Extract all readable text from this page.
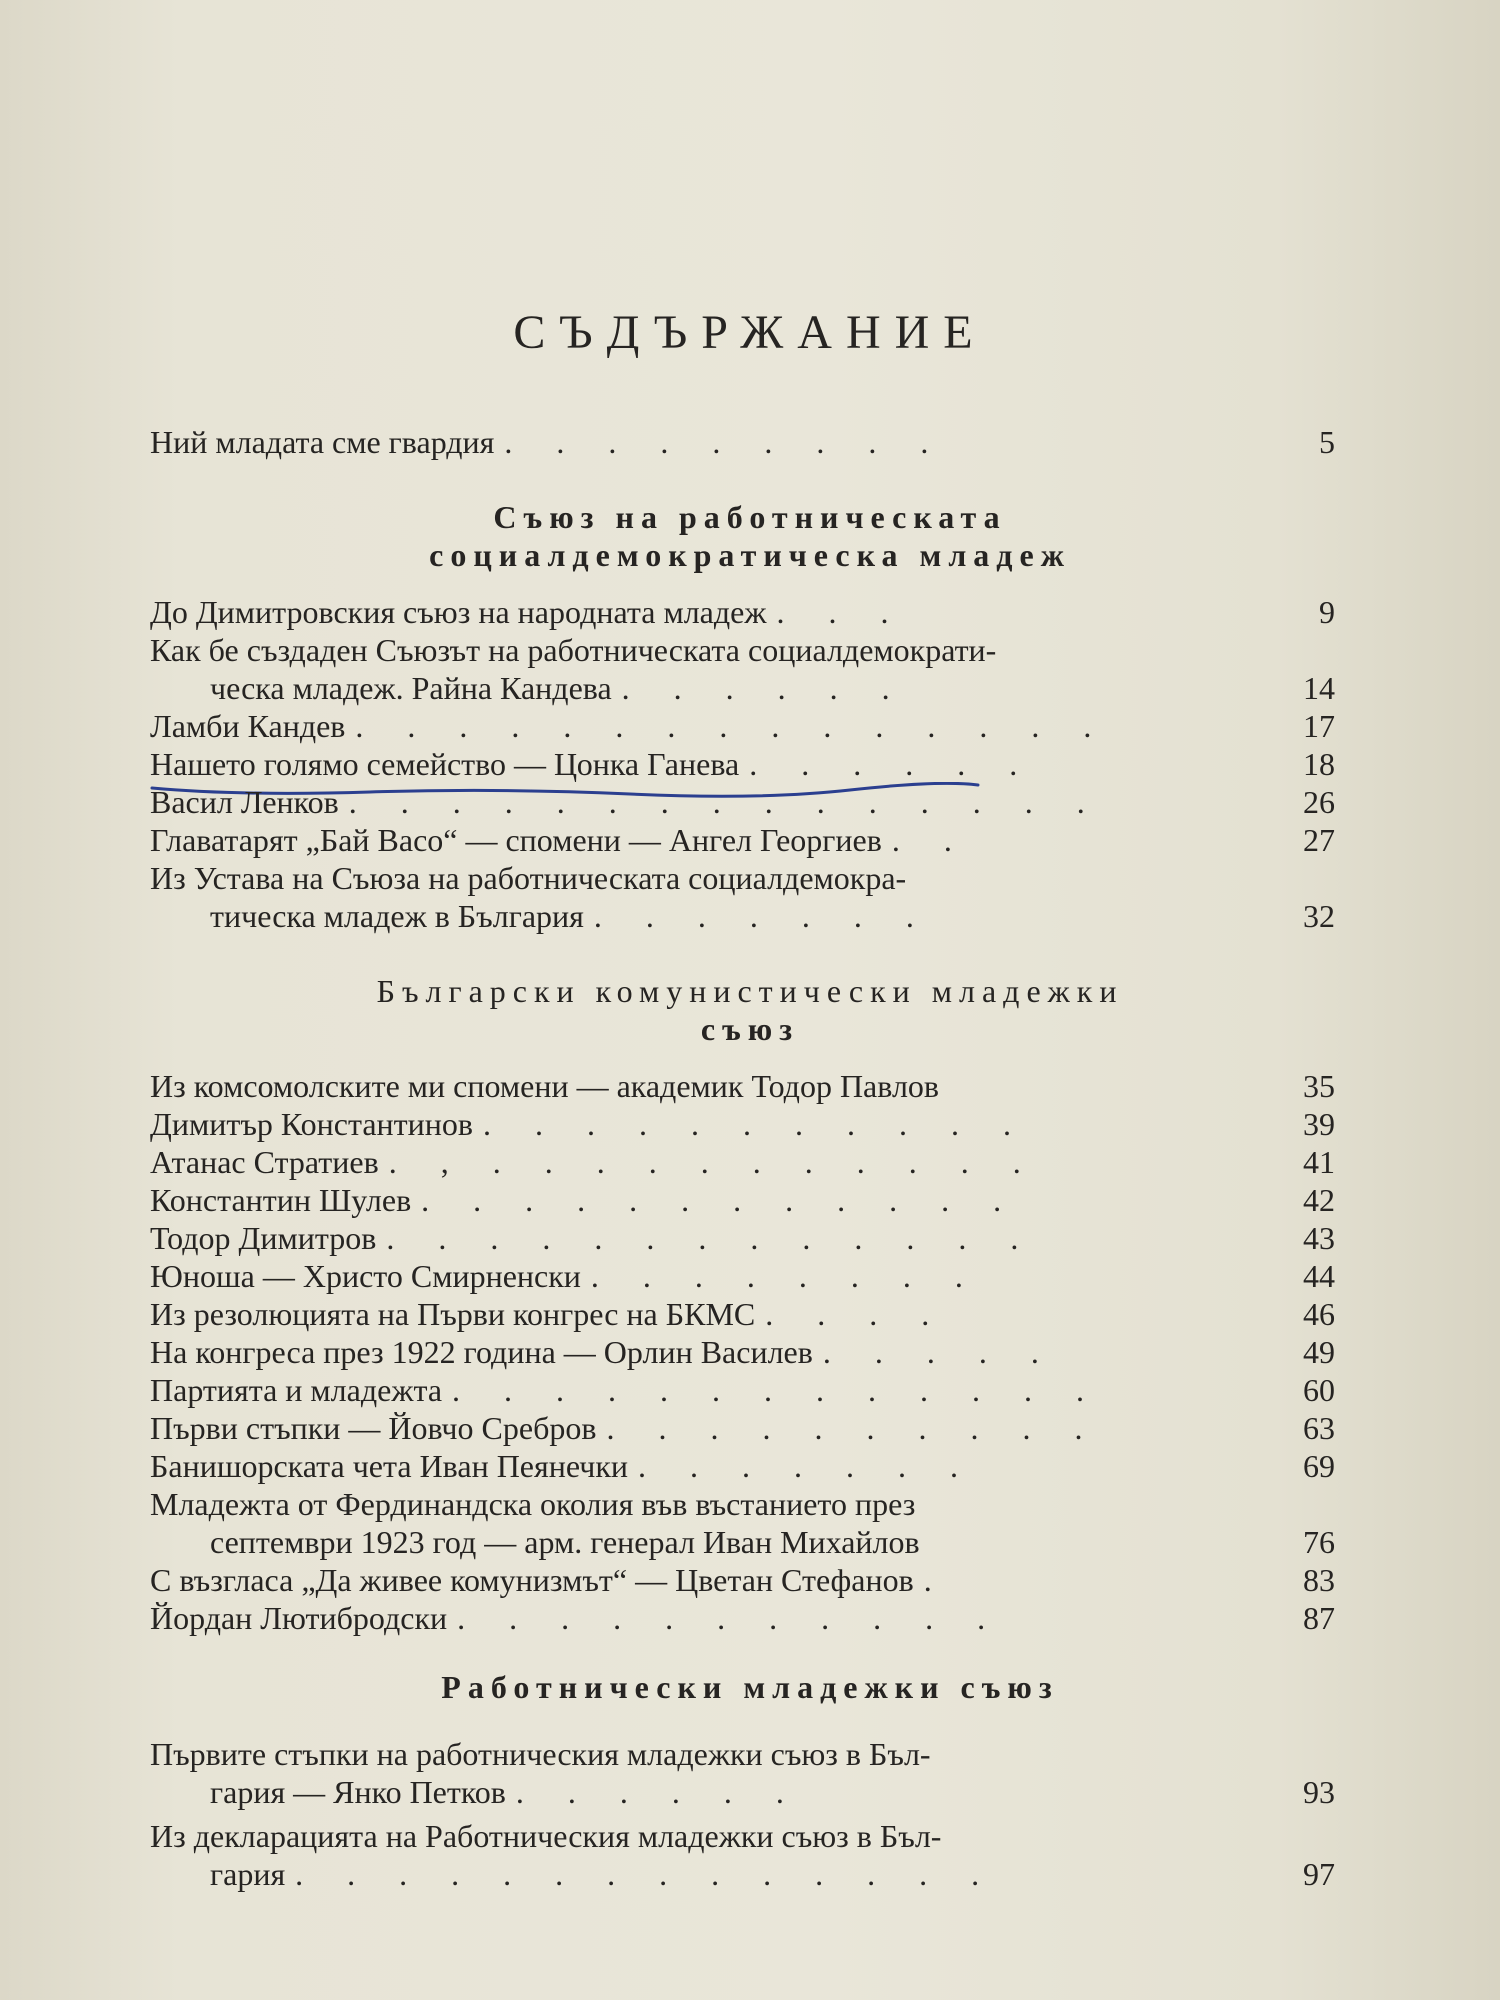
СЪДЪРЖАНИЕ
Ний младата сме гвардия . . . . . . . . .	5
Съюз на работническата
социалдемократическа младеж
До Димитровския съюз на народната младеж . . .	9
Как бе създаден Съюзът на работническата социалдемократи-
ческа младеж. Райна Кандева . . . . . .	14
Ламби Кандев . . . . . . . . . . . . . . .	17
Нашето голямо семейство — Цонка Ганева . . . . . .	18
Васил Ленков . . . . . . . . . . . . . . .	26
Главатарят „Бай Васо“ — спомени — Ангел Георгиев . .	27
Из Устава на Съюза на работническата социалдемокра-
тическа младеж в България . . . . . . .	32
Български комунистически младежки
съюз
Из комсомолските ми спомени — академик Тодор Павлов	35
Димитър Константинов . . . . . . . . . . .	39
Атанас Стратиев . , . . . . . . . . . . .	41
Константин Шулев . . . . . . . . . . . .	42
Тодор Димитров . . . . . . . . . . . . .	43
Юноша — Христо Смирненски . . . . . . . .	44
Из резолюцията на Първи конгрес на БКМС . . . .	46
На конгреса през 1922 година — Орлин Василев . . . . .	49
Партията и младежта . . . . . . . . . . . . .	60
Първи стъпки — Йовчо Сребров . . . . . . . . . .	63
Банишорската чета Иван Пеянечки . . . . . . .	69
Младежта от Фердинандска околия във въстанието през
септември 1923 год — арм. генерал Иван Михайлов	76
С възгласа „Да живее комунизмът“ — Цветан Стефанов .	83
Йордан Лютибродски . . . . . . . . . . .	87
Работнически младежки съюз
Първите стъпки на работническия младежки съюз в Бъл-
гария — Янко Петков . . . . . .	93
Из декларацията на Работническия младежки съюз в Бъл-
гария . . . . . . . . . . . . . .	97
